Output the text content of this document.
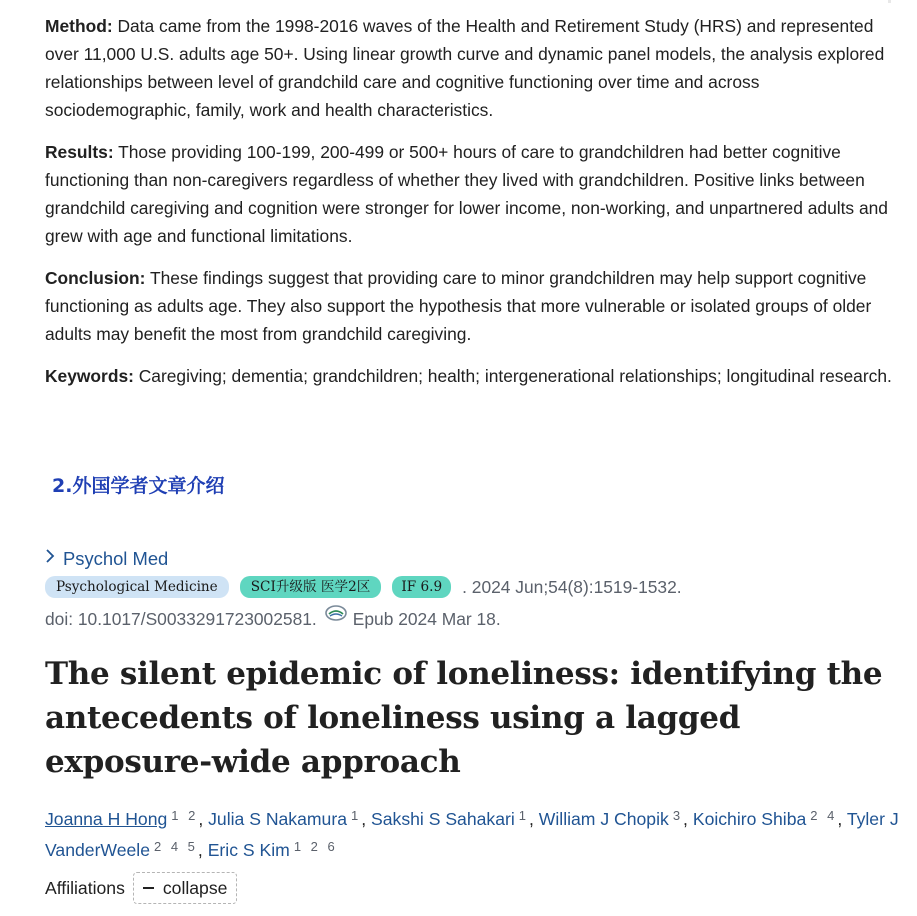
Method: Data came from the 1998-2016 waves of the Health and Retirement Study (HRS) and represented over 11,000 U.S. adults age 50+. Using linear growth curve and dynamic panel models, the analysis explored relationships between level of grandchild care and cognitive functioning over time and across sociodemographic, family, work and health characteristics.

Results: Those providing 100-199, 200-499 or 500+ hours of care to grandchildren had better cognitive functioning than non-caregivers regardless of whether they lived with grandchildren. Positive links between grandchild caregiving and cognition were stronger for lower income, non-working, and unpartnered adults and grew with age and functional limitations.

Conclusion: These findings suggest that providing care to minor grandchildren may help support cognitive functioning as adults age. They also support the hypothesis that more vulnerable or isolated groups of older adults may benefit the most from grandchild caregiving.

Keywords: Caregiving; dementia; grandchildren; health; intergenerational relationships; longitudinal research.

2.外国学者文章介绍
Psychol Med
Psychological Medicine	SCI升级版 医学2区	IF 6.9	. 2024 Jun;54(8):1519-1532.
doi: 10.1017/S0033291723002581. Epub 2024 Mar 18.
The silent epidemic of loneliness: identifying the antecedents of loneliness using a lagged exposure-wide approach
Joanna H Hong $^{1 2}$, Julia S Nakamura $^1$, Sakshi S Sahakari $^1$, William J Chopik $^3$, Koichiro Shiba $^{2 4}$, Tyler J VanderWeele $^{2 4 5}$, Eric S Kim $^{1 2 6}$
Affiliations collapse
